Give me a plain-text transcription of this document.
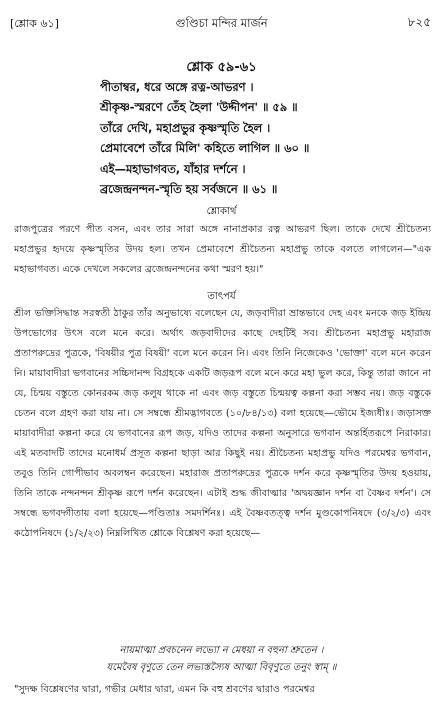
[শ্লোক ৬১]	গুণ্ডিচা মন্দির মার্জন	৮২৫
শ্লোক ৫৯-৬১
পীতাম্বর, ধরে অঙ্গে রত্ন-আভরণ ।
শ্রীকৃষ্ণ-স্মরণে তেঁহ হৈলা 'উদ্দীপন' ॥ ৫৯ ॥
তাঁরে দেখি, মহাপ্রভুর কৃষ্ণস্মৃতি হৈল ।
প্রেমাবেশে তাঁরে মিলি' কহিতে লাগিল ॥ ৬০ ॥
এই—মহাভাগবত, যাঁহার দর্শনে ।
ব্রজেন্দ্রনন্দন-স্মৃতি হয় সর্বজনে ॥ ৬১ ॥
শ্লোকার্থ

রাজপুত্রের পরণে পীত বসন, এবং তার সারা অঙ্গে নানাপ্রকার রত্ন আভরণ ছিল। তাকে দেখে শ্রীচৈতন্য মহাপ্রভুর হৃদয়ে কৃষ্ণস্মৃতির উদয় হল। তখন প্রেমাবেশে শ্রীচৈতন্য মহাপ্রভু তাকে বলতে লাগলেন—"এক মহাভাগবত। একে দেখলে সকলের ব্রজেন্দ্রনন্দনের কথা স্মরণ হয়।"

তাৎপর্য

শ্রীল ভক্তিসিদ্ধান্ত সরস্বতী ঠাকুর তাঁর অনুভাষ্যে বলেছেন যে, জড়বাদীরা ভ্রান্তভাবে দেহ এবং মনকে জড় ইন্দ্রিয় উপভোগের উৎস বলে মনে করে। অর্থাৎ জড়বাদীদের কাছে দেহটিই সব। শ্রীচৈতন্য মহাপ্রভু মহারাজ প্রতাপরুদ্রের পুত্রকে, 'বিষয়ীর পুত্র বিষয়ী' বলে মনে করেন নি। এবং তিনি নিজেকেও 'ভোক্তা' বলে মনে করেন নি। মায়াবাদীরা ভগবানের সচ্চিদানন্দ বিগ্রহকে একটি জড়রূপ বলে মনে করে মহা ভুল করে, কিন্তু তারা জানে না যে, চিন্ময় বস্তুতে কোনরকম জড় কলুষ থাকে না এবং জড় বস্তুতে চিন্ময়ত্ব কল্পনা করা সম্ভব নয়। জড় বস্তুকে চেতন বলে গ্রহণ করা যায় না। সে সম্বন্ধে শ্রীমদ্ভাগবতে (১০/৮৪/১৩) বলা হয়েছে—ভৌমে ইজ্যধীঃ। জড়াসক্ত মায়াবাদীরা কল্পনা করে যে ভগবানের রূপ জড়, যদিও তাদের কল্পনা অনুসারে ভগবান অন্তর্হিতরূপে নিরাকার। এই মতবাদটি তাদের মনোধর্ম প্রসূত কল্পনা ছাড়া আর কিছুই নয়। শ্রীচৈতন্য মহাপ্রভু যদিও পরমেশ্বর ভগবান, তবুও তিনি গোপীভাব অবলম্বন করেছেন। মহারাজ প্রতাপরুদ্রের পুত্রকে দর্শন করে কৃষ্ণস্মৃতির উদয় হওয়ায়, তিনি তাকে নন্দনন্দন শ্রীকৃষ্ণ রূপে দর্শন করেছেন। এটাই শুদ্ধ জীবাত্মার 'অদ্বয়জ্ঞান দর্শন বা বৈষ্ণব দর্শন'। সে সম্বন্ধে ভগবদ্গীতায় বলা হয়েছে—পণ্ডিতাঃ সমদর্শিনঃ। এই বৈষ্ণবতত্ত্ব দর্শন মুণ্ডকোপনিষদে (৩/২/৩) এবং কঠোপনিষদে (১/২/২৩) নিম্নলিখিত শ্লোকে বিশ্লেষণ করা হয়েছে—

নায়মাত্মা প্রবচনেন লভ্যো ন মেধয়া ন বহুনা শ্রুতেন ।
যমেবৈষ বৃণুতে তেন লভ্যস্তস্যৈষ আত্মা বিবৃণুতে তনুং স্বাম্ ॥
"সুদক্ষ বিশ্লেষণের দ্বারা, গভীর মেধার দ্বারা, এমন কি বহু শ্রবণের দ্বারাও পরমেশ্বর
